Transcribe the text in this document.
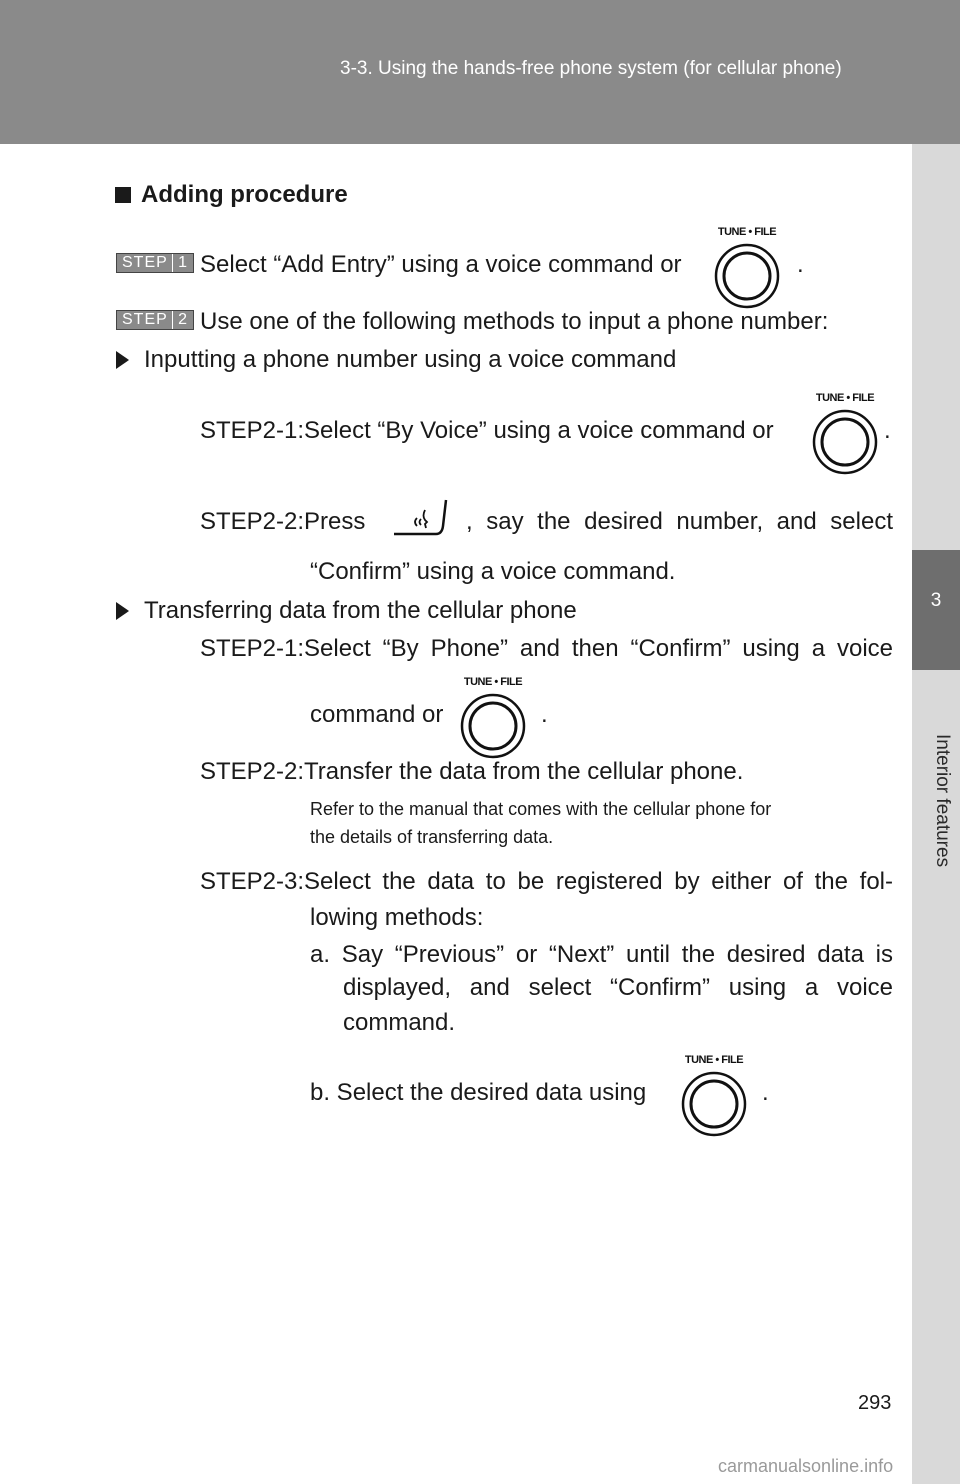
3-3. Using the hands-free phone system (for cellular phone)
3
Interior features
Adding procedure
STEP 1 Select “Add Entry” using a voice command or
TUNE • FILE
.
STEP 2 Use one of the following methods to input a phone number:
Inputting a phone number using a voice command
STEP2-1:Select “By Voice” using a voice command or
TUNE • FILE
.
STEP2-2:Press	, say the desired number, and select
“Confirm” using a voice command.
Transferring data from the cellular phone
STEP2-1:Select “By Phone” and then “Confirm” using a voice
command or
TUNE • FILE
.
STEP2-2:Transfer the data from the cellular phone.
Refer to the manual that comes with the cellular phone for
the details of transferring data.
STEP2-3:Select the data to be registered by either of the fol-
lowing methods:
a. Say “Previous” or “Next” until the desired data is
displayed, and select “Confirm” using a voice
command.
b. Select the desired data using
TUNE • FILE
.
293
carmanualsonline.info
